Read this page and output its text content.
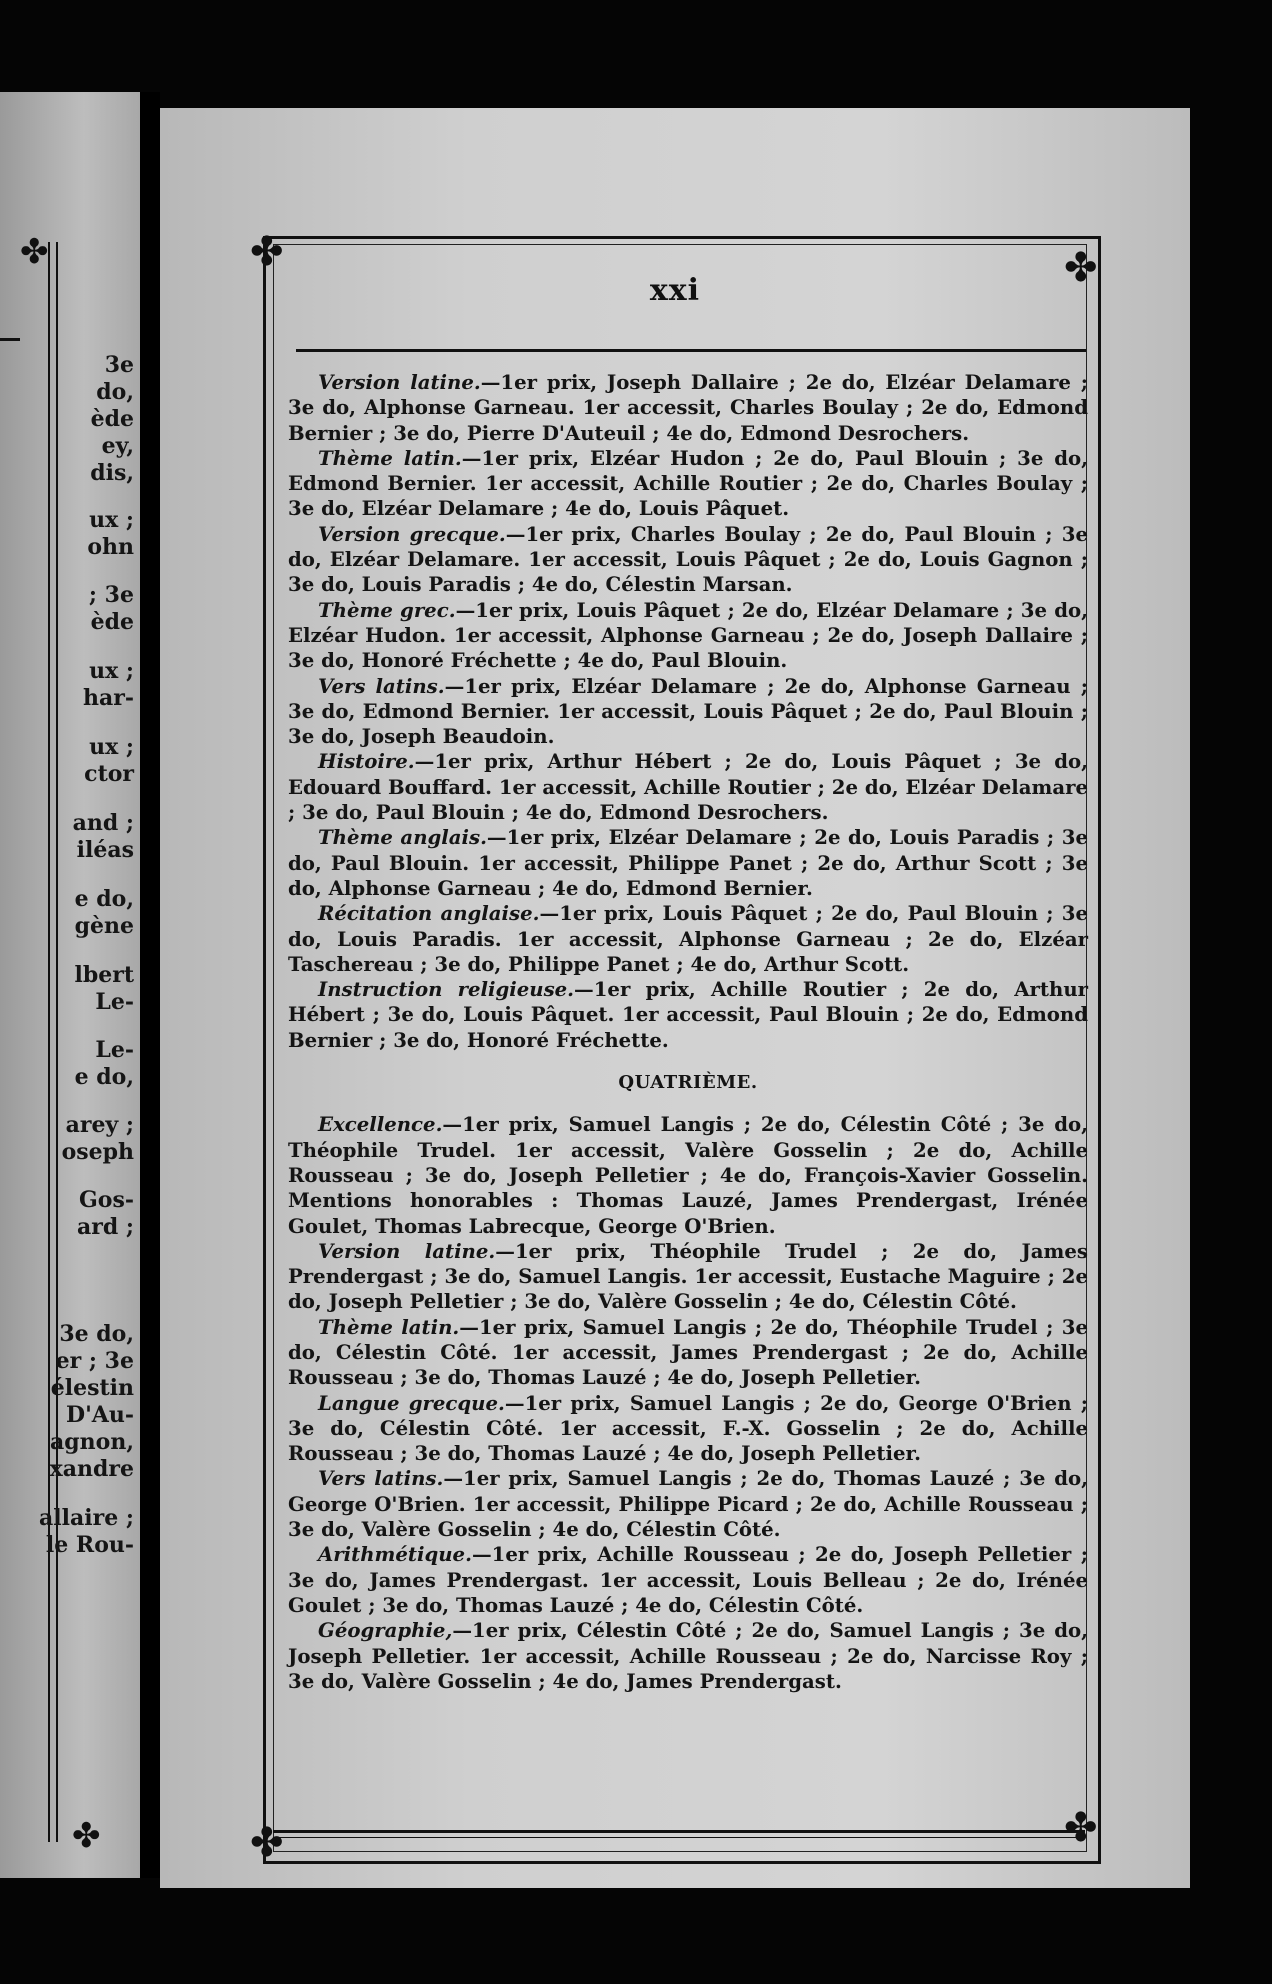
✤
✤
3e
do,
ède
ey,
dis,
ux ;
ohn
; 3e
ède
ux ;
har-
ux ;
ctor
and ;
iléas
e do,
gène
lbert
Le-
Le-
e do,
arey ;
oseph
Gos-
ard ;
3e do,
er ; 3e
élestin
D'Au-
agnon,
xandre
allaire ;
le Rou-
✤	✤
✤	✤
xxi

Version latine.—1er prix, Joseph Dallaire ; 2e do, Elzéar Delamare ; 3e do, Alphonse Garneau. 1er accessit, Charles Boulay ; 2e do, Edmond Bernier ; 3e do, Pierre D'Auteuil ; 4e do, Edmond Desrochers.

Thème latin.—1er prix, Elzéar Hudon ; 2e do, Paul Blouin ; 3e do, Edmond Bernier. 1er accessit, Achille Routier ; 2e do, Charles Boulay ; 3e do, Elzéar Delamare ; 4e do, Louis Pâquet.

Version grecque.—1er prix, Charles Boulay ; 2e do, Paul Blouin ; 3e do, Elzéar Delamare. 1er accessit, Louis Pâquet ; 2e do, Louis Gagnon ; 3e do, Louis Paradis ; 4e do, Célestin Marsan.

Thème grec.—1er prix, Louis Pâquet ; 2e do, Elzéar Delamare ; 3e do, Elzéar Hudon. 1er accessit, Alphonse Garneau ; 2e do, Joseph Dallaire ; 3e do, Honoré Fréchette ; 4e do, Paul Blouin.

Vers latins.—1er prix, Elzéar Delamare ; 2e do, Alphonse Garneau ; 3e do, Edmond Bernier. 1er accessit, Louis Pâquet ; 2e do, Paul Blouin ; 3e do, Joseph Beaudoin.

Histoire.—1er prix, Arthur Hébert ; 2e do, Louis Pâquet ; 3e do, Edouard Bouffard. 1er accessit, Achille Routier ; 2e do, Elzéar Delamare ; 3e do, Paul Blouin ; 4e do, Edmond Desrochers.

Thème anglais.—1er prix, Elzéar Delamare ; 2e do, Louis Paradis ; 3e do, Paul Blouin. 1er accessit, Philippe Panet ; 2e do, Arthur Scott ; 3e do, Alphonse Garneau ; 4e do, Edmond Bernier.

Récitation anglaise.—1er prix, Louis Pâquet ; 2e do, Paul Blouin ; 3e do, Louis Paradis. 1er accessit, Alphonse Garneau ; 2e do, Elzéar Taschereau ; 3e do, Philippe Panet ; 4e do, Arthur Scott.

Instruction religieuse.—1er prix, Achille Routier ; 2e do, Arthur Hébert ; 3e do, Louis Pâquet. 1er accessit, Paul Blouin ; 2e do, Edmond Bernier ; 3e do, Honoré Fréchette.

QUATRIÈME.

Excellence.—1er prix, Samuel Langis ; 2e do, Célestin Côté ; 3e do, Théophile Trudel. 1er accessit, Valère Gosselin ; 2e do, Achille Rousseau ; 3e do, Joseph Pelletier ; 4e do, François-Xavier Gosselin. Mentions honorables : Thomas Lauzé, James Prendergast, Irénée Goulet, Thomas Labrecque, George O'Brien.

Version latine.—1er prix, Théophile Trudel ; 2e do, James Prendergast ; 3e do, Samuel Langis. 1er accessit, Eustache Maguire ; 2e do, Joseph Pelletier ; 3e do, Valère Gosselin ; 4e do, Célestin Côté.

Thème latin.—1er prix, Samuel Langis ; 2e do, Théophile Trudel ; 3e do, Célestin Côté. 1er accessit, James Prendergast ; 2e do, Achille Rousseau ; 3e do, Thomas Lauzé ; 4e do, Joseph Pelletier.

Langue grecque.—1er prix, Samuel Langis ; 2e do, George O'Brien ; 3e do, Célestin Côté. 1er accessit, F.-X. Gosselin ; 2e do, Achille Rousseau ; 3e do, Thomas Lauzé ; 4e do, Joseph Pelletier.

Vers latins.—1er prix, Samuel Langis ; 2e do, Thomas Lauzé ; 3e do, George O'Brien. 1er accessit, Philippe Picard ; 2e do, Achille Rousseau ; 3e do, Valère Gosselin ; 4e do, Célestin Côté.

Arithmétique.—1er prix, Achille Rousseau ; 2e do, Joseph Pelletier ; 3e do, James Prendergast. 1er accessit, Louis Belleau ; 2e do, Irénée Goulet ; 3e do, Thomas Lauzé ; 4e do, Célestin Côté.

Géographie,—1er prix, Célestin Côté ; 2e do, Samuel Langis ; 3e do, Joseph Pelletier. 1er accessit, Achille Rousseau ; 2e do, Narcisse Roy ; 3e do, Valère Gosselin ; 4e do, James Prendergast.
